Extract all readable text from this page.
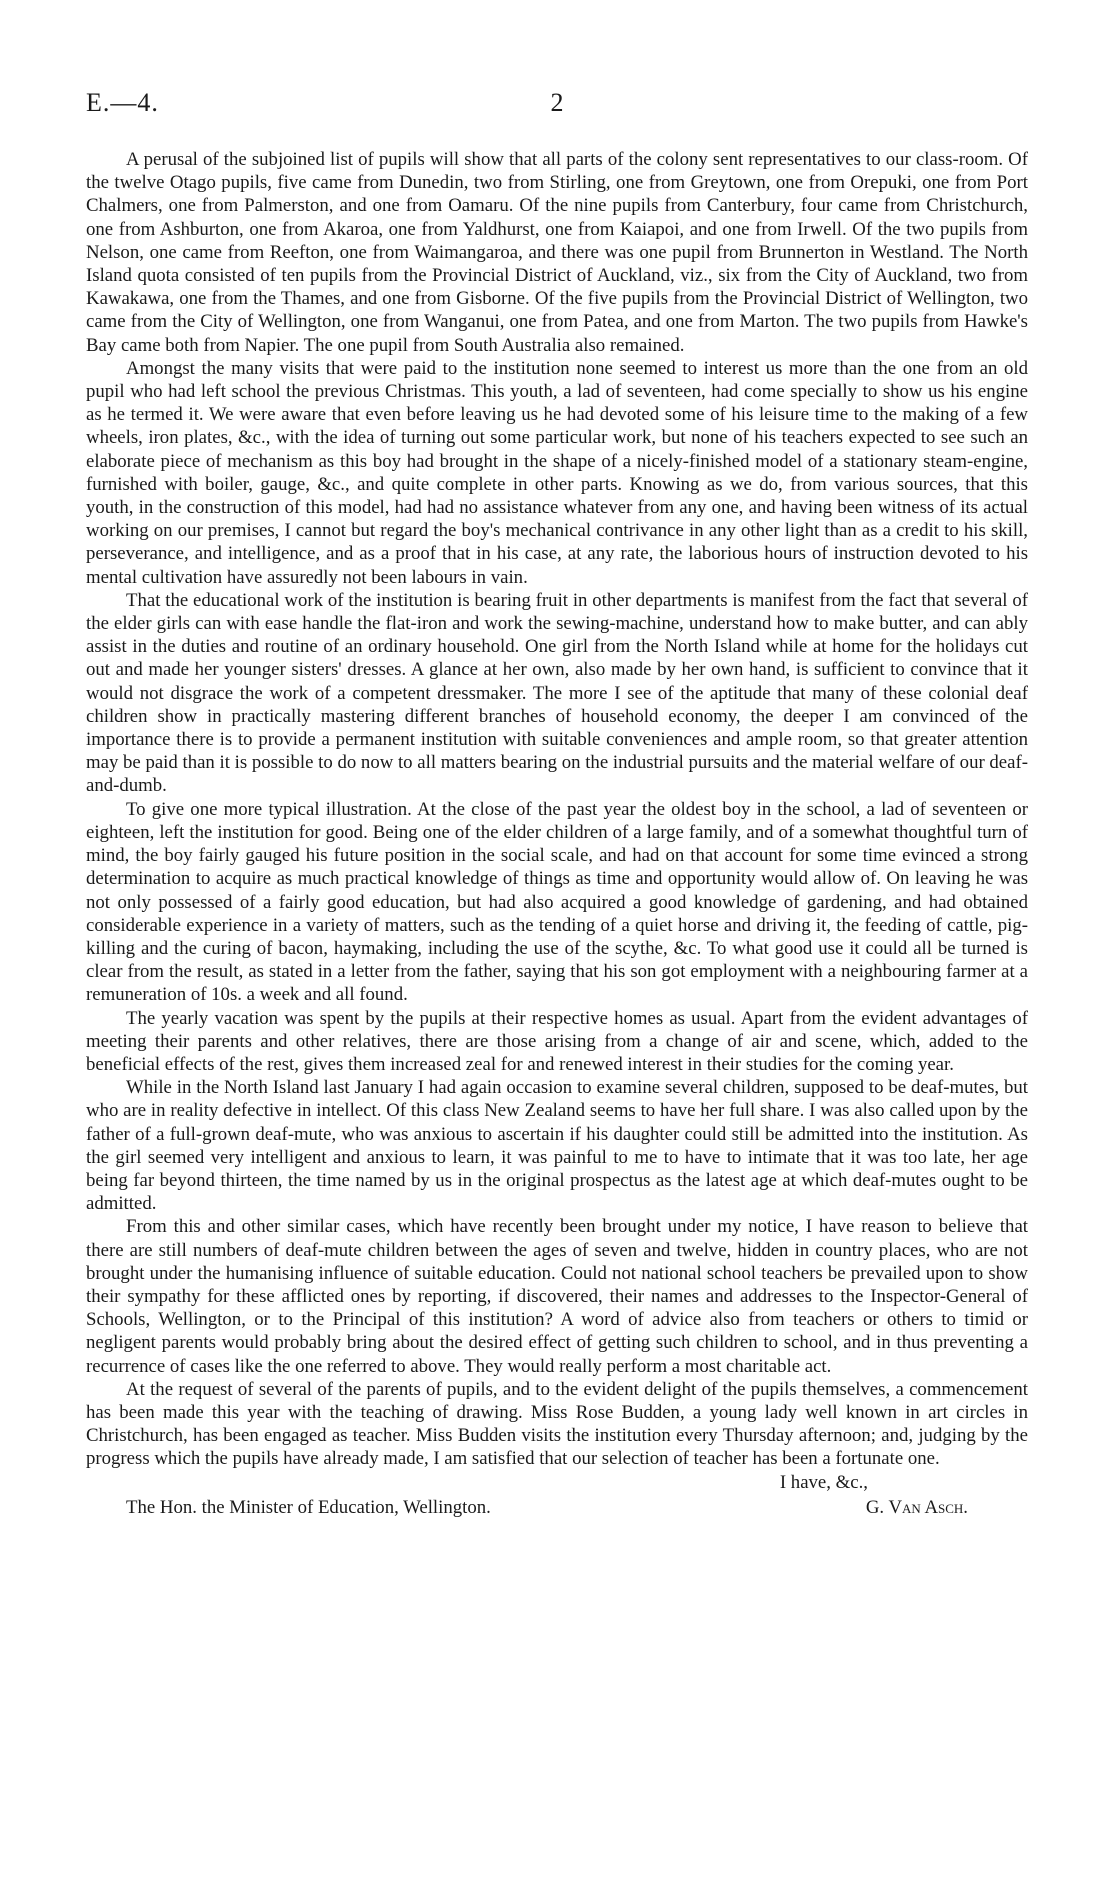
E.—4.	2

A perusal of the subjoined list of pupils will show that all parts of the colony sent representatives to our class-room. Of the twelve Otago pupils, five came from Dunedin, two from Stirling, one from Greytown, one from Orepuki, one from Port Chalmers, one from Palmerston, and one from Oamaru. Of the nine pupils from Canterbury, four came from Christchurch, one from Ashburton, one from Akaroa, one from Yaldhurst, one from Kaiapoi, and one from Irwell. Of the two pupils from Nelson, one came from Reefton, one from Waimangaroa, and there was one pupil from Brunnerton in Westland. The North Island quota consisted of ten pupils from the Provincial District of Auckland, viz., six from the City of Auckland, two from Kawakawa, one from the Thames, and one from Gisborne. Of the five pupils from the Provincial District of Wellington, two came from the City of Wellington, one from Wanganui, one from Patea, and one from Marton. The two pupils from Hawke's Bay came both from Napier. The one pupil from South Australia also remained.

Amongst the many visits that were paid to the institution none seemed to interest us more than the one from an old pupil who had left school the previous Christmas. This youth, a lad of seventeen, had come specially to show us his engine as he termed it. We were aware that even before leaving us he had devoted some of his leisure time to the making of a few wheels, iron plates, &c., with the idea of turning out some particular work, but none of his teachers expected to see such an elaborate piece of mechanism as this boy had brought in the shape of a nicely-finished model of a stationary steam-engine, furnished with boiler, gauge, &c., and quite complete in other parts. Knowing as we do, from various sources, that this youth, in the construction of this model, had had no assistance whatever from any one, and having been witness of its actual working on our premises, I cannot but regard the boy's mechanical contrivance in any other light than as a credit to his skill, perseverance, and intelligence, and as a proof that in his case, at any rate, the laborious hours of instruction devoted to his mental cultivation have assuredly not been labours in vain.

That the educational work of the institution is bearing fruit in other departments is manifest from the fact that several of the elder girls can with ease handle the flat-iron and work the sewing-machine, understand how to make butter, and can ably assist in the duties and routine of an ordinary household. One girl from the North Island while at home for the holidays cut out and made her younger sisters' dresses. A glance at her own, also made by her own hand, is sufficient to convince that it would not disgrace the work of a competent dressmaker. The more I see of the aptitude that many of these colonial deaf children show in practically mastering different branches of household economy, the deeper I am convinced of the importance there is to provide a permanent institution with suitable conveniences and ample room, so that greater attention may be paid than it is possible to do now to all matters bearing on the industrial pursuits and the material welfare of our deaf-and-dumb.

To give one more typical illustration. At the close of the past year the oldest boy in the school, a lad of seventeen or eighteen, left the institution for good. Being one of the elder children of a large family, and of a somewhat thoughtful turn of mind, the boy fairly gauged his future position in the social scale, and had on that account for some time evinced a strong determination to acquire as much practical knowledge of things as time and opportunity would allow of. On leaving he was not only possessed of a fairly good education, but had also acquired a good knowledge of gardening, and had obtained considerable experience in a variety of matters, such as the tending of a quiet horse and driving it, the feeding of cattle, pig-killing and the curing of bacon, haymaking, including the use of the scythe, &c. To what good use it could all be turned is clear from the result, as stated in a letter from the father, saying that his son got employment with a neighbouring farmer at a remuneration of 10s. a week and all found.

The yearly vacation was spent by the pupils at their respective homes as usual. Apart from the evident advantages of meeting their parents and other relatives, there are those arising from a change of air and scene, which, added to the beneficial effects of the rest, gives them increased zeal for and renewed interest in their studies for the coming year.

While in the North Island last January I had again occasion to examine several children, supposed to be deaf-mutes, but who are in reality defective in intellect. Of this class New Zealand seems to have her full share. I was also called upon by the father of a full-grown deaf-mute, who was anxious to ascertain if his daughter could still be admitted into the institution. As the girl seemed very intelligent and anxious to learn, it was painful to me to have to intimate that it was too late, her age being far beyond thirteen, the time named by us in the original prospectus as the latest age at which deaf-mutes ought to be admitted.

From this and other similar cases, which have recently been brought under my notice, I have reason to believe that there are still numbers of deaf-mute children between the ages of seven and twelve, hidden in country places, who are not brought under the humanising influence of suitable education. Could not national school teachers be prevailed upon to show their sympathy for these afflicted ones by reporting, if discovered, their names and addresses to the Inspector-General of Schools, Wellington, or to the Principal of this institution? A word of advice also from teachers or others to timid or negligent parents would probably bring about the desired effect of getting such children to school, and in thus preventing a recurrence of cases like the one referred to above. They would really perform a most charitable act.

At the request of several of the parents of pupils, and to the evident delight of the pupils themselves, a commencement has been made this year with the teaching of drawing. Miss Rose Budden, a young lady well known in art circles in Christchurch, has been engaged as teacher. Miss Budden visits the institution every Thursday afternoon; and, judging by the progress which the pupils have already made, I am satisfied that our selection of teacher has been a fortunate one.

I have, &c.,
The Hon. the Minister of Education, Wellington.	G. Van Asch.
